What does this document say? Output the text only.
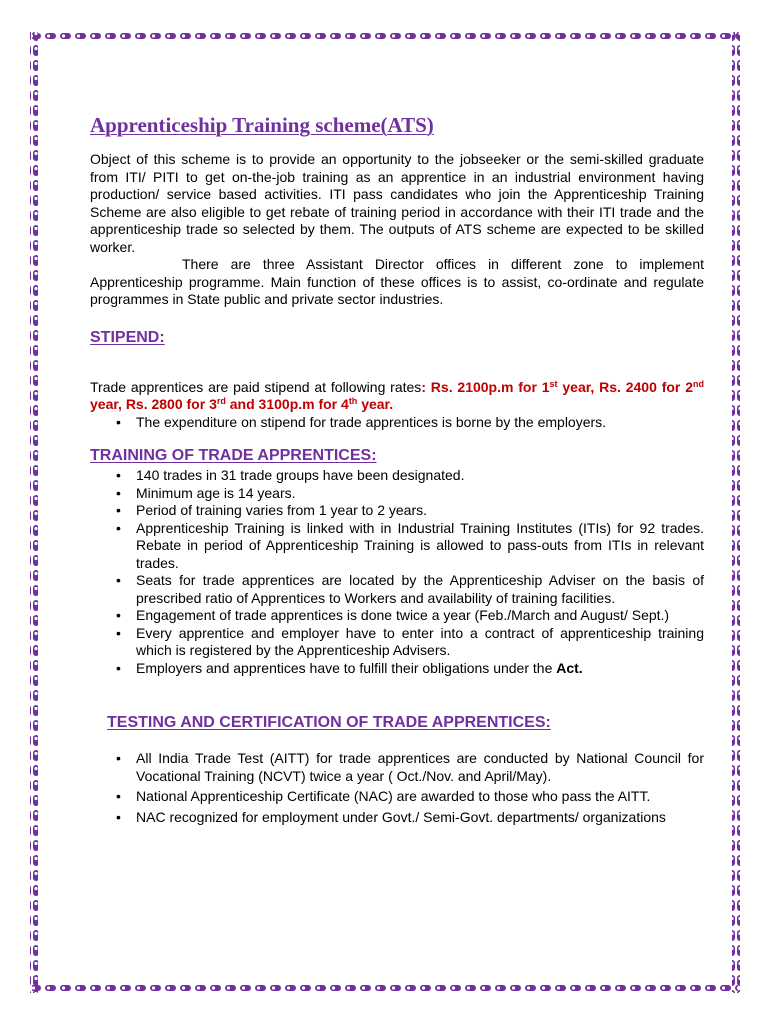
Apprenticeship Training scheme(ATS)

Object of this scheme is to provide an opportunity to the jobseeker or the semi-skilled graduate from ITI/ PITI to get on-the-job training as an apprentice in an industrial environment having production/ service based activities. ITI pass candidates who join the Apprenticeship Training Scheme are also eligible to get rebate of training period in accordance with their ITI trade and the apprenticeship trade so selected by them. The outputs of ATS scheme are expected to be skilled worker.

There are three Assistant Director offices in different zone to implement Apprenticeship programme. Main function of these offices is to assist, co-ordinate and regulate programmes in State public and private sector industries.

STIPEND:

Trade apprentices are paid stipend at following rates: Rs. 2100p.m for 1st year, Rs. 2400 for 2nd year, Rs. 2800 for 3rd and 3100p.m for 4th year.

• The expenditure on stipend for trade apprentices is borne by the employers.
TRAINING OF TRADE APPRENTICES:
• 140 trades in 31 trade groups have been designated.
• Minimum age is 14 years.
• Period of training varies from 1 year to 2 years.
• Apprenticeship Training is linked with in Industrial Training Institutes (ITIs) for 92 trades. Rebate in period of Apprenticeship Training is allowed to pass-outs from ITIs in relevant trades.
• Seats for trade apprentices are located by the Apprenticeship Adviser on the basis of prescribed ratio of Apprentices to Workers and availability of training facilities.
• Engagement of trade apprentices is done twice a year (Feb./March and August/ Sept.)
• Every apprentice and employer have to enter into a contract of apprenticeship training which is registered by the Apprenticeship Advisers.
• Employers and apprentices have to fulfill their obligations under the Act.
TESTING AND CERTIFICATION OF TRADE APPRENTICES:
• All India Trade Test (AITT) for trade apprentices are conducted by National Council for Vocational Training (NCVT) twice a year ( Oct./Nov. and April/May).
• National Apprenticeship Certificate (NAC) are awarded to those who pass the AITT.
• NAC recognized for employment under Govt./ Semi-Govt. departments/ organizations
